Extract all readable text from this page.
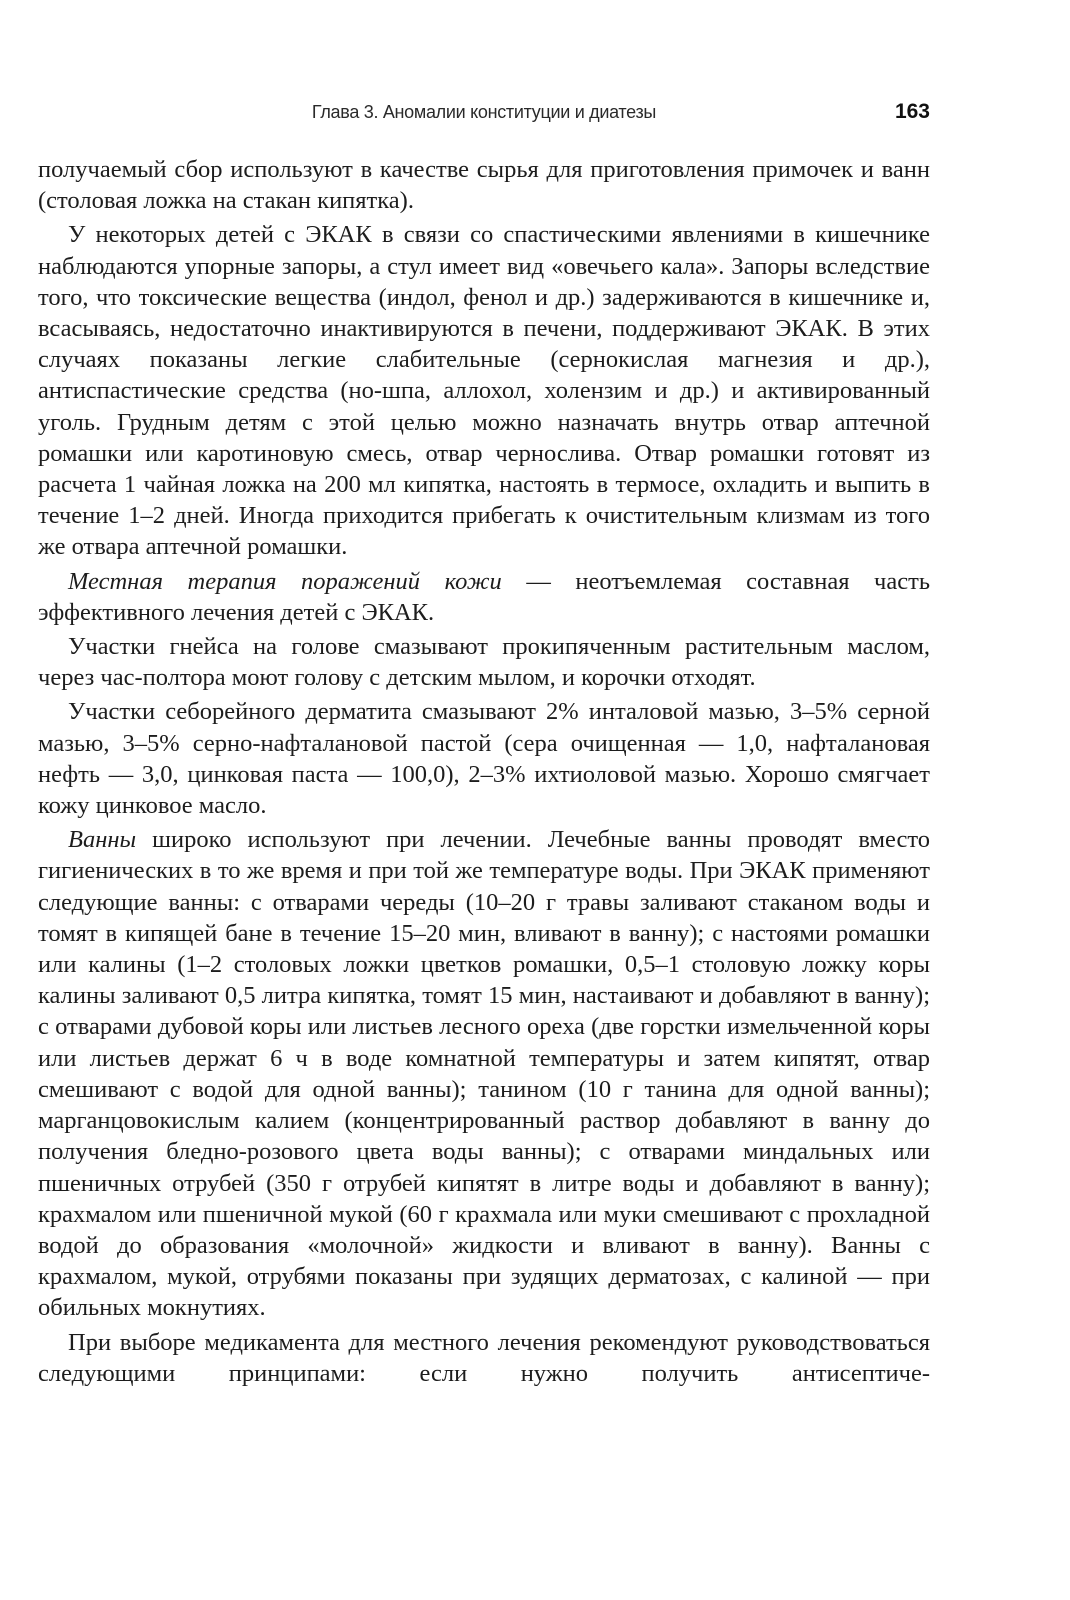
Глава 3. Аномалии конституции и диатезы	163

получаемый сбор используют в качестве сырья для приготовления примочек и ванн (столовая ложка на стакан кипятка).

У некоторых детей с ЭКАК в связи со спастическими явлениями в кишечнике наблюдаются упорные запоры, а стул имеет вид «овечьего кала». Запоры вследствие того, что токсические вещества (индол, фенол и др.) задерживаются в кишечнике и, всасываясь, недостаточно инактивируются в печени, поддерживают ЭКАК. В этих случаях показаны легкие слабительные (сернокислая магнезия и др.), антиспастические средства (но-шпа, аллохол, холензим и др.) и активированный уголь. Грудным детям с этой целью можно назначать внутрь отвар аптечной ромашки или каротиновую смесь, отвар чернослива. Отвар ромашки готовят из расчета 1 чайная ложка на 200 мл кипятка, настоять в термосе, охладить и выпить в течение 1–2 дней. Иногда приходится прибегать к очистительным клизмам из того же отвара аптечной ромашки.

Местная терапия поражений кожи — неотъемлемая составная часть эффективного лечения детей с ЭКАК.

Участки гнейса на голове смазывают прокипяченным растительным маслом, через час-полтора моют голову с детским мылом, и корочки отходят.

Участки себорейного дерматита смазывают 2% инталовой мазью, 3–5% серной мазью, 3–5% серно-нафталановой пастой (сера очищенная — 1,0, нафталановая нефть — 3,0, цинковая паста — 100,0), 2–3% ихтиоловой мазью. Хорошо смягчает кожу цинковое масло.

Ванны широко используют при лечении. Лечебные ванны проводят вместо гигиенических в то же время и при той же температуре воды. При ЭКАК применяют следующие ванны: с отварами череды (10–20 г травы заливают стаканом воды и томят в кипящей бане в течение 15–20 мин, вливают в ванну); с настоями ромашки или калины (1–2 столовых ложки цветков ромашки, 0,5–1 столовую ложку коры калины заливают 0,5 литра кипятка, томят 15 мин, настаивают и добавляют в ванну); с отварами дубовой коры или листьев лесного ореха (две горстки измельченной коры или листьев держат 6 ч в воде комнатной температуры и затем кипятят, отвар смешивают с водой для одной ванны); танином (10 г танина для одной ванны); марганцовокислым калием (концентрированный раствор добавляют в ванну до получения бледно-розового цвета воды ванны); с отварами миндальных или пшеничных отрубей (350 г отрубей кипятят в литре воды и добавляют в ванну); крахмалом или пшеничной мукой (60 г крахмала или муки смешивают с прохладной водой до образования «молочной» жидкости и вливают в ванну). Ванны с крахмалом, мукой, отрубями показаны при зудящих дерматозах, с калиной — при обильных мокнутиях.

При выборе медикамента для местного лечения рекомендуют руководствоваться следующими принципами: если нужно получить антисептиче-
